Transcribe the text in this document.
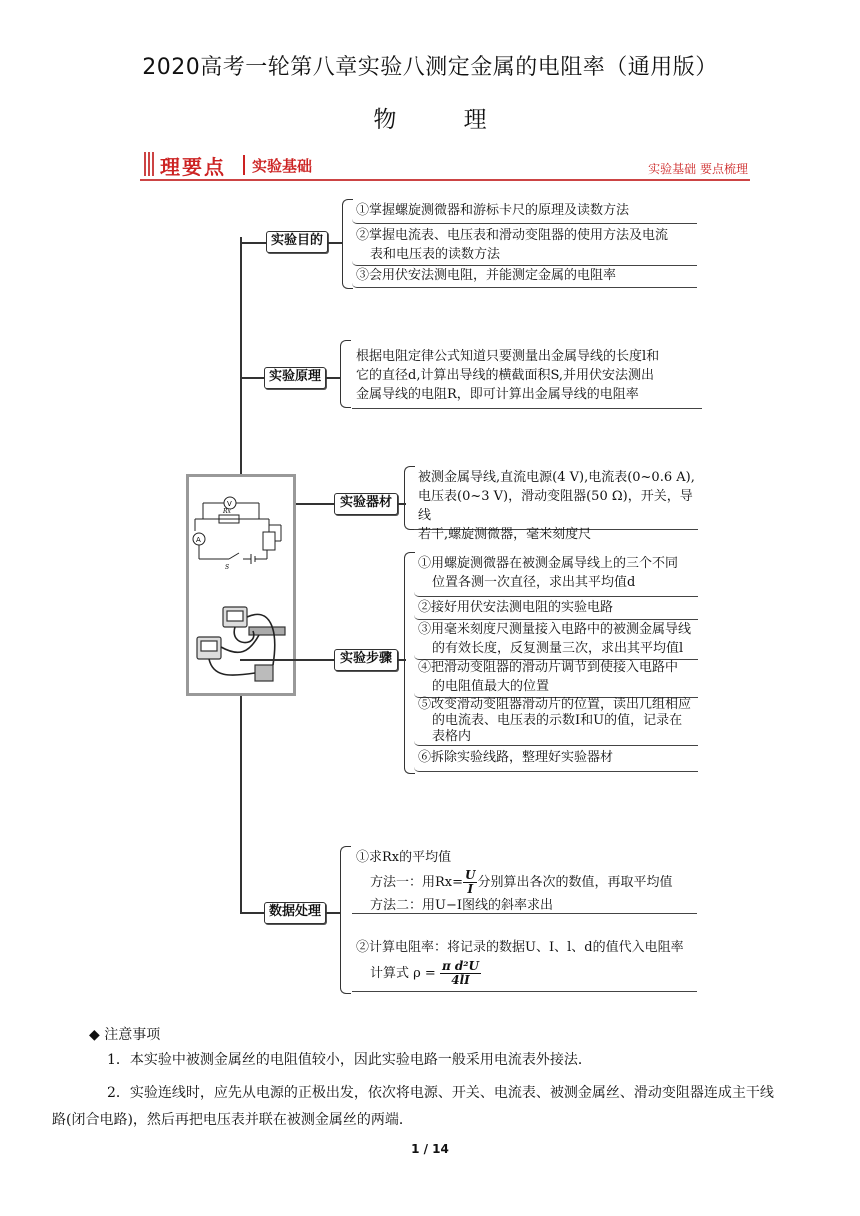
2020高考一轮第八章实验八测定金属的电阻率（通用版）
物 理
理要点 实验基础	实验基础 要点梳理
实验目的
①掌握螺旋测微器和游标卡尺的原理及读数方法
②掌握电流表、电压表和滑动变阻器的使用方法及电流
表和电压表的读数方法
③会用伏安法测电阻，并能测定金属的电阻率
实验原理
根据电阻定律公式知道只要测量出金属导线的长度l和
它的直径d,计算出导线的横截面积S,并用伏安法测出
金属导线的电阻R，即可计算出金属导线的电阻率
实验器材
被测金属导线,直流电源(4 V),电流表(0~0.6 A),
电压表(0~3 V)，滑动变阻器(50 Ω)，开关，导线
若干,螺旋测微器，毫米刻度尺
V
A
Rx
S
实验步骤
①用螺旋测微器在被测金属导线上的三个不同
位置各测一次直径，求出其平均值d
②接好用伏安法测电阻的实验电路
③用毫米刻度尺测量接入电路中的被测金属导线
的有效长度，反复测量三次，求出其平均值l
④把滑动变阻器的滑动片调节到使接入电路中
的电阻值最大的位置
⑤改变滑动变阻器滑动片的位置，读出几组相应
的电流表、电压表的示数I和U的值，记录在
表格内
⑥拆除实验线路，整理好实验器材
数据处理
①求Rx的平均值
方法一：用$Rx= \frac{U}{I}$ 分别算出各次的数值，再取平均值
方法二：用U−I图线的斜率求出
②计算电阻率：将记录的数据U、I、l、d的值代入电阻率
计算式 $\rho = \frac{\text{π d²U}}{4lI}$
◆ 注意事项
1．本实验中被测金属丝的电阻值较小，因此实验电路一般采用电流表外接法．
2．实验连线时，应先从电源的正极出发，依次将电源、开关、电流表、被测金属丝、滑动变阻器连成主干线
路(闭合电路)，然后再把电压表并联在被测金属丝的两端．
1 / 14
